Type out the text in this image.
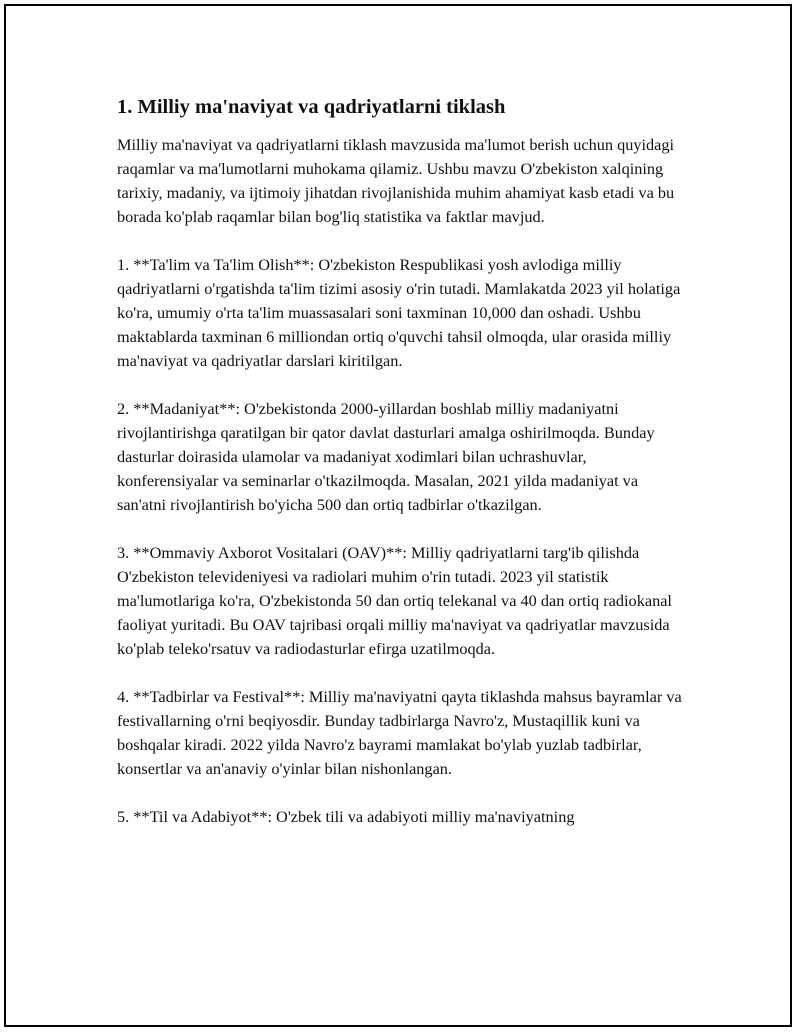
1. Milliy ma'naviyat va qadriyatlarni tiklash

Milliy ma'naviyat va qadriyatlarni tiklash mavzusida ma'lumot berish uchun quyidagi raqamlar va ma'lumotlarni muhokama qilamiz. Ushbu mavzu O'zbekiston xalqining tarixiy, madaniy, va ijtimoiy jihatdan rivojlanishida muhim ahamiyat kasb etadi va bu borada ko'plab raqamlar bilan bog'liq statistika va faktlar mavjud.

1. **Ta'lim va Ta'lim Olish**: O'zbekiston Respublikasi yosh avlodiga milliy qadriyatlarni o'rgatishda ta'lim tizimi asosiy o'rin tutadi. Mamlakatda 2023 yil holatiga ko'ra, umumiy o'rta ta'lim muassasalari soni taxminan 10,000 dan oshadi. Ushbu maktablarda taxminan 6 milliondan ortiq o'quvchi tahsil olmoqda, ular orasida milliy ma'naviyat va qadriyatlar darslari kiritilgan.

2. **Madaniyat**: O'zbekistonda 2000-yillardan boshlab milliy madaniyatni rivojlantirishga qaratilgan bir qator davlat dasturlari amalga oshirilmoqda. Bunday dasturlar doirasida ulamolar va madaniyat xodimlari bilan uchrashuvlar, konferensiyalar va seminarlar o'tkazilmoqda. Masalan, 2021 yilda madaniyat va san'atni rivojlantirish bo'yicha 500 dan ortiq tadbirlar o'tkazilgan.

3. **Ommaviy Axborot Vositalari (OAV)**: Milliy qadriyatlarni targ'ib qilishda O'zbekiston televideniyesi va radiolari muhim o'rin tutadi. 2023 yil statistik ma'lumotlariga ko'ra, O'zbekistonda 50 dan ortiq telekanal va 40 dan ortiq radiokanal faoliyat yuritadi. Bu OAV tajribasi orqali milliy ma'naviyat va qadriyatlar mavzusida ko'plab teleko'rsatuv va radiodasturlar efirga uzatilmoqda.

4. **Tadbirlar va Festival**: Milliy ma'naviyatni qayta tiklashda mahsus bayramlar va festivallarning o'rni beqiyosdir. Bunday tadbirlarga Navro'z, Mustaqillik kuni va boshqalar kiradi. 2022 yilda Navro'z bayrami mamlakat bo'ylab yuzlab tadbirlar, konsertlar va an'anaviy o'yinlar bilan nishonlangan.

5. **Til va Adabiyot**: O'zbek tili va adabiyoti milliy ma'naviyatning
